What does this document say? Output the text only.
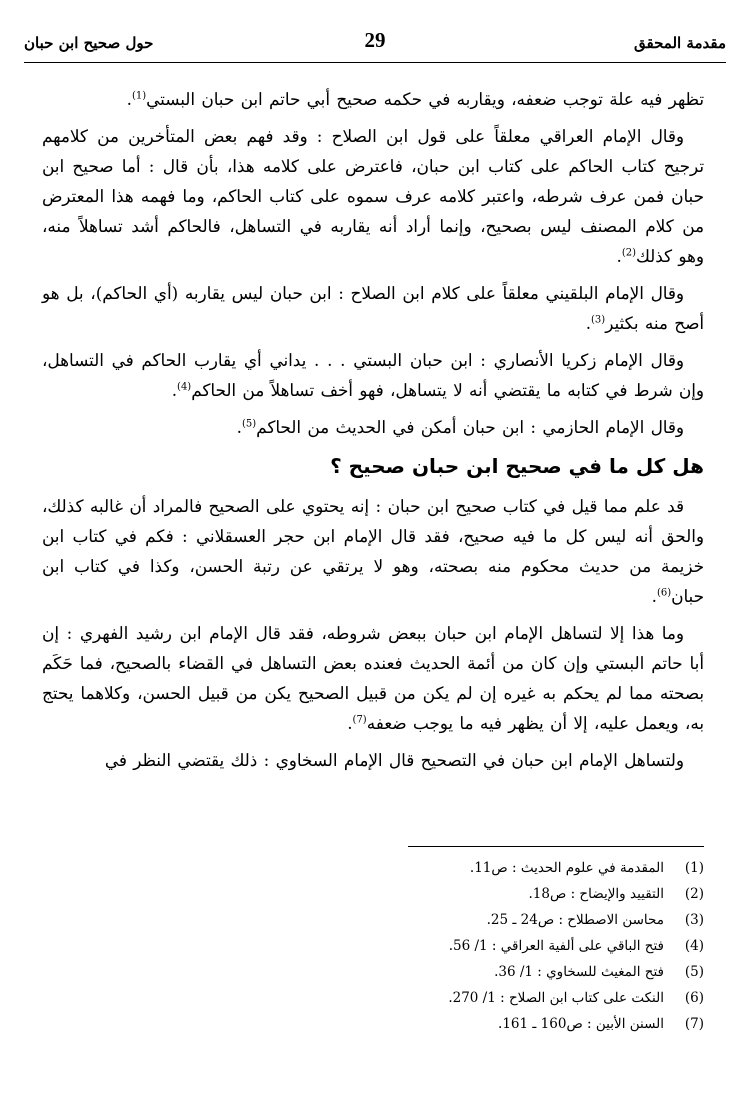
مقدمة المحقق
29
حول صحيح ابن حبان

تظهر فيه علة توجب ضعفه، ويقاربه في حكمه صحيح أبي حاتم ابن حبان البستي$^{(1)}$.

وقال الإمام العراقي معلقاً على قول ابن الصلاح : وقد فهم بعض المتأخرين من كلامهم ترجيح كتاب الحاكم على كتاب ابن حبان، فاعترض على كلامه هذا، بأن قال : أما صحيح ابن حبان فمن عرف شرطه، واعتبر كلامه عرف سموه على كتاب الحاكم، وما فهمه هذا المعترض من كلام المصنف ليس بصحيح، وإنما أراد أنه يقاربه في التساهل، فالحاكم أشد تساهلاً منه، وهو كذلك$^{(2)}$.

وقال الإمام البلقيني معلقاً على كلام ابن الصلاح : ابن حبان ليس يقاربه (أي الحاكم)، بل هو أصح منه بكثير$^{(3)}$.

وقال الإمام زكريا الأنصاري : ابن حبان البستي . . . يداني أي يقارب الحاكم في التساهل، وإن شرط في كتابه ما يقتضي أنه لا يتساهل، فهو أخف تساهلاً من الحاكم$^{(4)}$.

وقال الإمام الحازمي : ابن حبان أمكن في الحديث من الحاكم$^{(5)}$.

هل كل ما في صحيح ابن حبان صحيح ؟

قد علم مما قيل في كتاب صحيح ابن حبان : إنه يحتوي على الصحيح فالمراد أن غالبه كذلك، والحق أنه ليس كل ما فيه صحيح، فقد قال الإمام ابن حجر العسقلاني : فكم في كتاب ابن خزيمة من حديث محكوم منه بصحته، وهو لا يرتقي عن رتبة الحسن، وكذا في كتاب ابن حبان$^{(6)}$.

وما هذا إلا لتساهل الإمام ابن حبان ببعض شروطه، فقد قال الإمام ابن رشيد الفهري : إن أبا حاتم البستي وإن كان من أئمة الحديث فعنده بعض التساهل في القضاء بالصحيح، فما حَكَم بصحته مما لم يحكم به غيره إن لم يكن من قبيل الصحيح يكن من قبيل الحسن، وكلاهما يحتج به، ويعمل عليه، إلا أن يظهر فيه ما يوجب ضعفه$^{(7)}$.

ولتساهل الإمام ابن حبان في التصحيح قال الإمام السخاوي : ذلك يقتضي النظر في

( 1 )
المقدمة في علوم الحديث : ص11.
( 2 )
التقييد والإيضاح : ص18.
( 3 )
محاسن الاصطلاح : ص24 ـ 25.
( 4 )
فتح الباقي على ألفية العراقي : 1/ 56.
( 5 )
فتح المغيث للسخاوي : 1/ 36.
( 6 )
النكت على كتاب ابن الصلاح : 1/ 270.
( 7 )
السنن الأبين : ص160 ـ 161.
